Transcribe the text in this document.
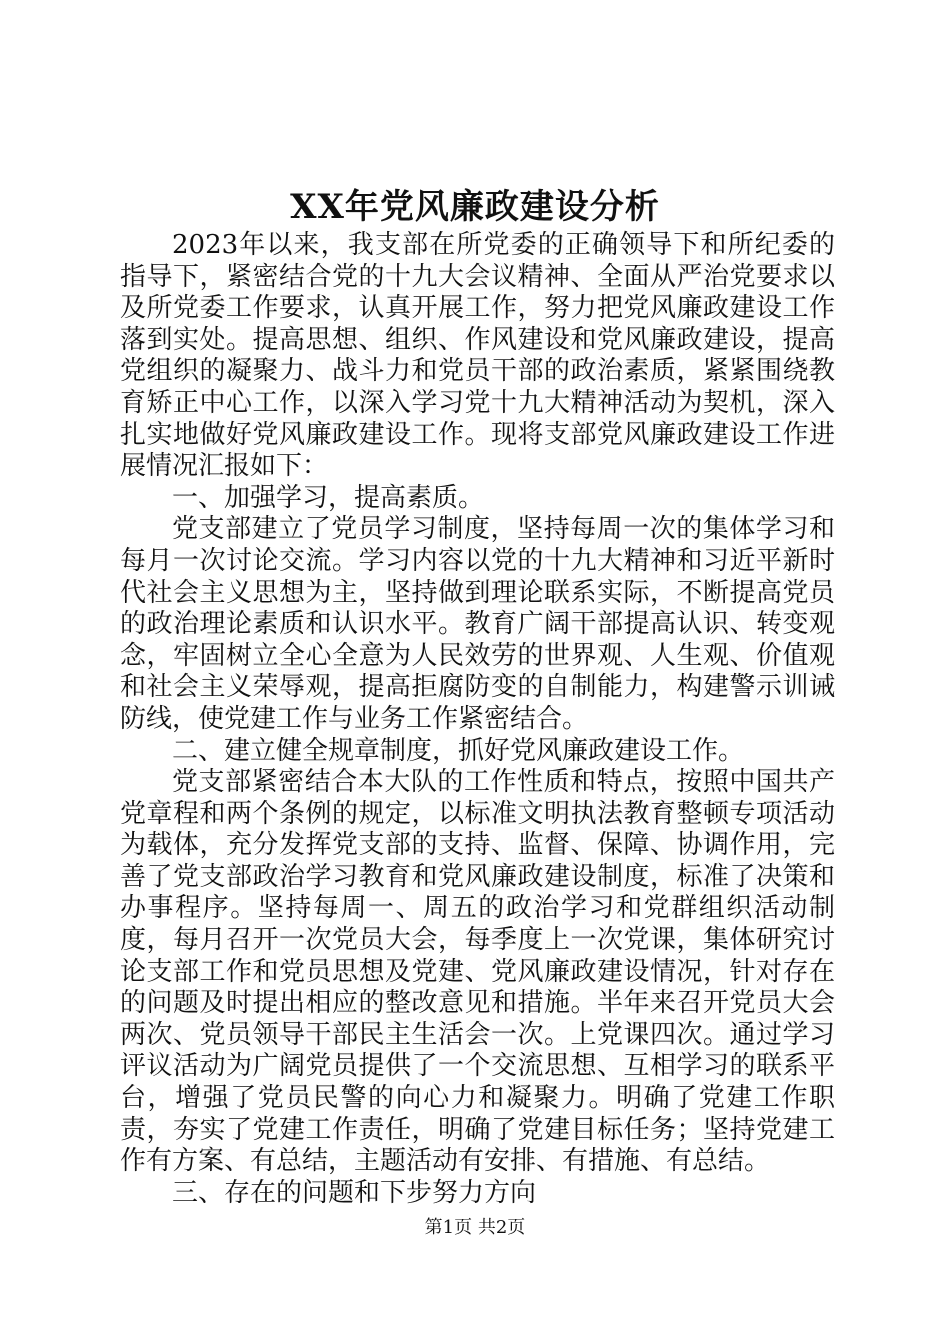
XX年党风廉政建设分析

2023年以来，我支部在所党委的正确领导下和所纪委的指导下，紧密结合党的十九大会议精神、全面从严治党要求以及所党委工作要求，认真开展工作，努力把党风廉政建设工作落到实处。提高思想、组织、作风建设和党风廉政建设，提高党组织的凝聚力、战斗力和党员干部的政治素质，紧紧围绕教育矫正中心工作，以深入学习党十九大精神活动为契机，深入扎实地做好党风廉政建设工作。现将支部党风廉政建设工作进展情况汇报如下：

一、加强学习，提高素质。

党支部建立了党员学习制度，坚持每周一次的集体学习和每月一次讨论交流。学习内容以党的十九大精神和习近平新时代社会主义思想为主，坚持做到理论联系实际，不断提高党员的政治理论素质和认识水平。教育广阔干部提高认识、转变观念，牢固树立全心全意为人民效劳的世界观、人生观、价值观和社会主义荣辱观，提高拒腐防变的自制能力，构建警示训诫防线，使党建工作与业务工作紧密结合。

二、建立健全规章制度，抓好党风廉政建设工作。

党支部紧密结合本大队的工作性质和特点，按照中国共产党章程和两个条例的规定，以标准文明执法教育整顿专项活动为载体，充分发挥党支部的支持、监督、保障、协调作用，完善了党支部政治学习教育和党风廉政建设制度，标准了决策和办事程序。坚持每周一、周五的政治学习和党群组织活动制度，每月召开一次党员大会，每季度上一次党课，集体研究讨论支部工作和党员思想及党建、党风廉政建设情况，针对存在的问题及时提出相应的整改意见和措施。半年来召开党员大会两次、党员领导干部民主生活会一次。上党课四次。通过学习评议活动为广阔党员提供了一个交流思想、互相学习的联系平台，增强了党员民警的向心力和凝聚力。明确了党建工作职责，夯实了党建工作责任，明确了党建目标任务；坚持党建工作有方案、有总结，主题活动有安排、有措施、有总结。

三、存在的问题和下步努力方向

第1页 共2页
